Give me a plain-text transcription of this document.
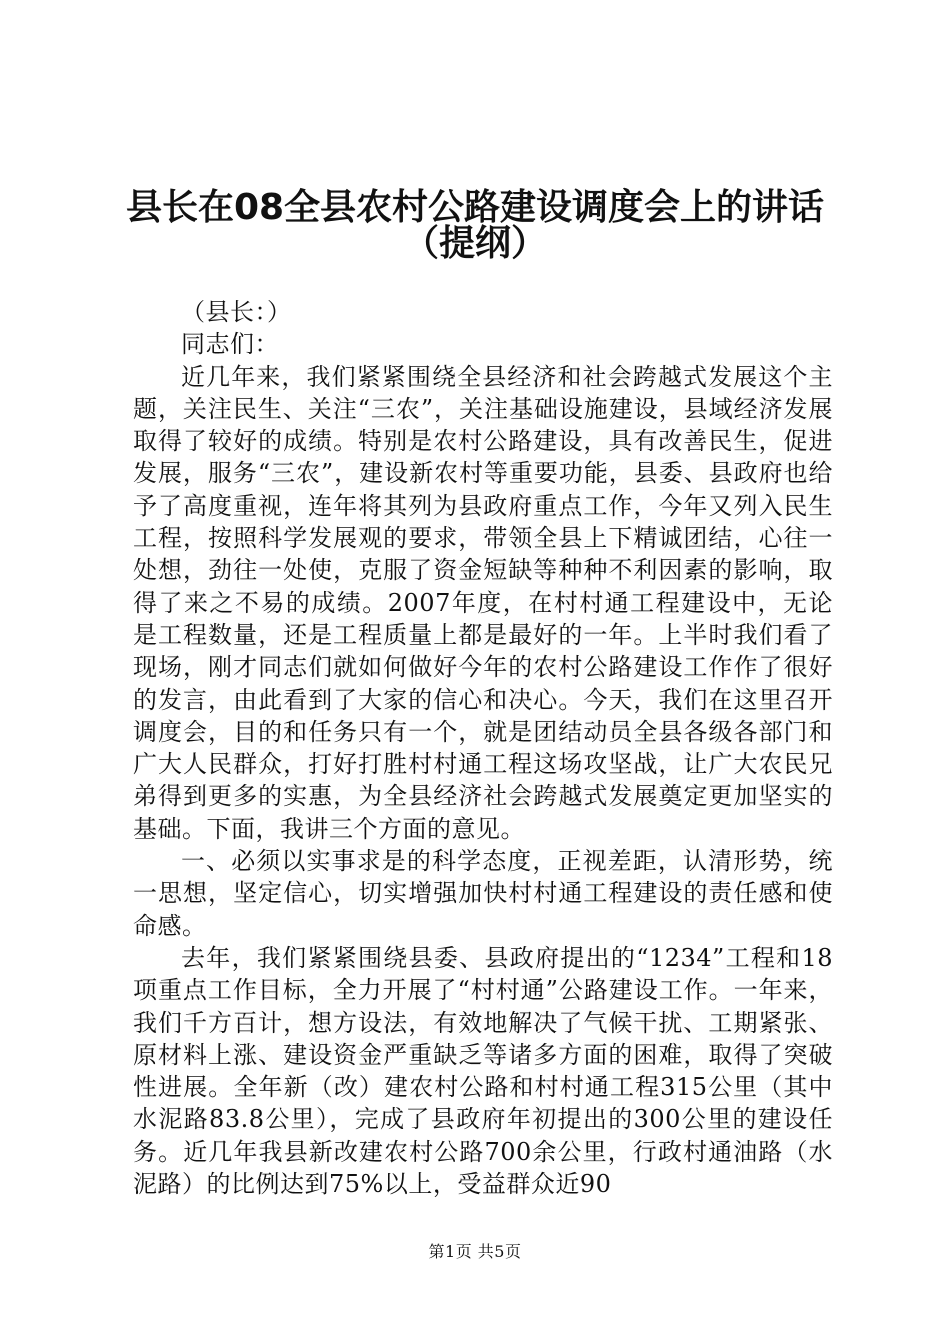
县长在08全县农村公路建设调度会上的讲话
（提纲）

（县长：）

同志们：

近几年来，我们紧紧围绕全县经济和社会跨越式发展这个主题，关注民生、关注“三农”，关注基础设施建设，县域经济发展取得了较好的成绩。特别是农村公路建设，具有改善民生，促进发展，服务“三农”，建设新农村等重要功能，县委、县政府也给予了高度重视，连年将其列为县政府重点工作，今年又列入民生工程，按照科学发展观的要求，带领全县上下精诚团结，心往一处想，劲往一处使，克服了资金短缺等种种不利因素的影响，取得了来之不易的成绩。2007年度，在村村通工程建设中，无论是工程数量，还是工程质量上都是最好的一年。上半时我们看了现场，刚才同志们就如何做好今年的农村公路建设工作作了很好的发言，由此看到了大家的信心和决心。今天，我们在这里召开调度会，目的和任务只有一个，就是团结动员全县各级各部门和广大人民群众，打好打胜村村通工程这场攻坚战，让广大农民兄弟得到更多的实惠，为全县经济社会跨越式发展奠定更加坚实的基础。下面，我讲三个方面的意见。

一、必须以实事求是的科学态度，正视差距，认清形势，统一思想，坚定信心，切实增强加快村村通工程建设的责任感和使命感。

去年，我们紧紧围绕县委、县政府提出的“1234”工程和18项重点工作目标，全力开展了“村村通”公路建设工作。一年来，我们千方百计，想方设法，有效地解决了气候干扰、工期紧张、原材料上涨、建设资金严重缺乏等诸多方面的困难，取得了突破性进展。全年新（改）建农村公路和村村通工程315公里（其中水泥路83.8公里），完成了县政府年初提出的300公里的建设任务。近几年我县新改建农村公路700余公里，行政村通油路（水泥路）的比例达到75%以上，受益群众近90

第1页 共5页
